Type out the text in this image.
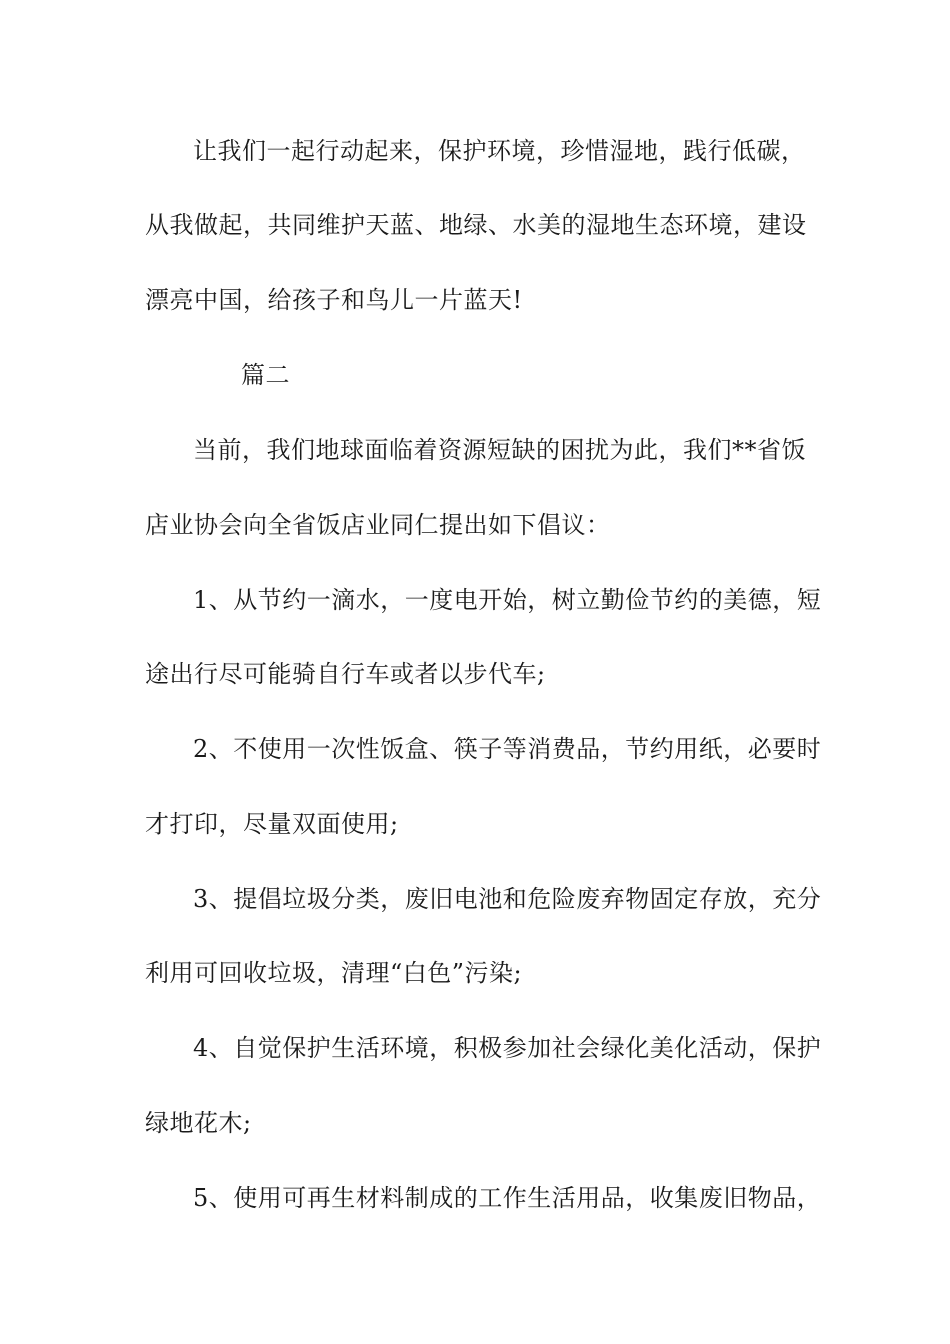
让我们一起行动起来，保护环境，珍惜湿地，践行低碳，
从我做起，共同维护天蓝、地绿、水美的湿地生态环境，建设
漂亮中国，给孩子和鸟儿一片蓝天!
篇二
当前，我们地球面临着资源短缺的困扰为此，我们**省饭
店业协会向全省饭店业同仁提出如下倡议：
1、从节约一滴水，一度电开始，树立勤俭节约的美德，短
途出行尽可能骑自行车或者以步代车;
2、不使用一次性饭盒、筷子等消费品，节约用纸，必要时
才打印，尽量双面使用;
3、提倡垃圾分类，废旧电池和危险废弃物固定存放，充分
利用可回收垃圾，清理“白色”污染;
4、自觉保护生活环境，积极参加社会绿化美化活动，保护
绿地花木;
5、使用可再生材料制成的工作生活用品，收集废旧物品，
